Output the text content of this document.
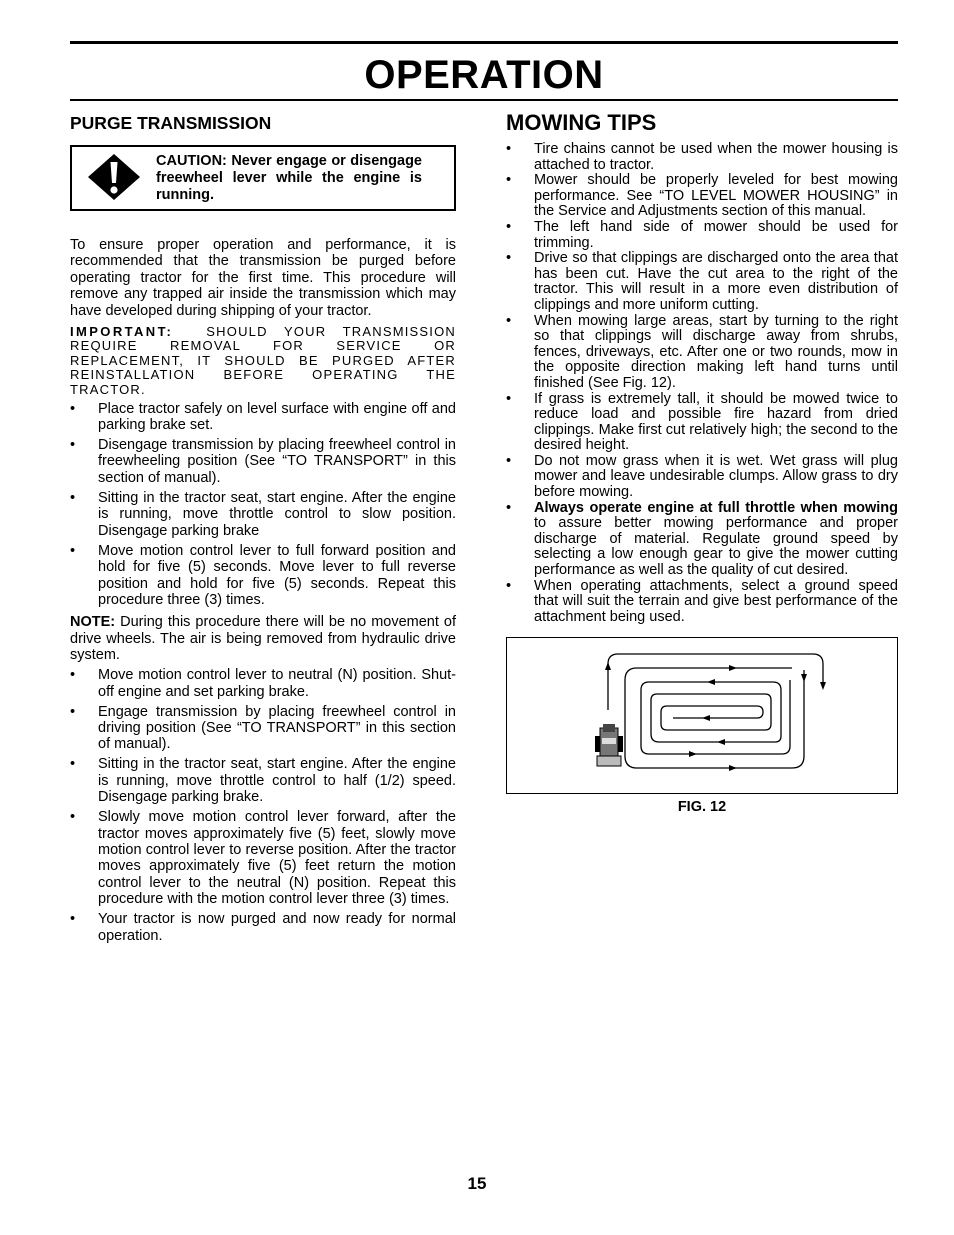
OPERATION
PURGE TRANSMISSION
CAUTION: Never engage or disengage freewheel lever while the engine is running.

To ensure proper operation and performance, it is recommended that the transmission be purged before operating tractor for the first time. This procedure will remove any trapped air inside the transmission which may have developed during shipping of your tractor.

IMPORTANT:	SHOULD YOUR TRANSMISSION REQUIRE REMOVAL FOR SERVICE OR REPLACEMENT, IT SHOULD BE PURGED AFTER REINSTALLATION BEFORE OPERATING THE TRACTOR.

• Place tractor safely on level surface with engine off and parking brake set.
• Disengage transmission by placing freewheel control in freewheeling position (See “TO TRANSPORT” in this section of manual).
• Sitting in the tractor seat, start engine. After the engine is running, move throttle control to slow position. Disengage parking brake
• Move motion control lever to full forward position and hold for five (5) seconds. Move lever to full reverse position and hold for five (5) seconds. Repeat this procedure three (3) times.

NOTE: During this procedure there will be no movement of drive wheels. The air is being removed from hydraulic drive system.

• Move motion control lever to neutral (N) position. Shut-off engine and set parking brake.
• Engage transmission by placing freewheel control in driving position (See “TO TRANSPORT” in this section of manual).
• Sitting in the tractor seat, start engine. After the engine is running, move throttle control to half (1/2) speed. Disengage parking brake.
• Slowly move motion control lever forward, after the tractor moves approximately five (5) feet, slowly move motion control lever to reverse position. After the tractor moves approximately five (5) feet return the motion control lever to the neutral (N) position. Repeat this procedure with the motion control lever three (3) times.
• Your tractor is now purged and now ready for normal operation.
MOWING TIPS
• Tire chains cannot be used when the mower housing is attached to tractor.
• Mower should be properly leveled for best mowing performance. See “TO LEVEL MOWER HOUSING” in the Service and Adjustments section of this manual.
• The left hand side of mower should be used for trimming.
• Drive so that clippings are discharged onto the area that has been cut. Have the cut area to the right of the tractor. This will result in a more even distribution of clippings and more uniform cutting.
• When mowing large areas, start by turning to the right so that clippings will discharge away from shrubs, fences, driveways, etc. After one or two rounds, mow in the opposite direction making left hand turns until finished (See Fig. 12).
• If grass is extremely tall, it should be mowed twice to reduce load and possible fire hazard from dried clippings. Make first cut relatively high; the second to the desired height.
• Do not mow grass when it is wet. Wet grass will plug mower and leave undesirable clumps. Allow grass to dry before mowing.
• Always operate engine at full throttle when mowing to assure better mowing performance and proper discharge of material. Regulate ground speed by selecting a low enough gear to give the mower cutting performance as well as the quality of cut desired.
• When operating attachments, select a ground speed that will suit the terrain and give best performance of the attachment being used.
FIG. 12
15
